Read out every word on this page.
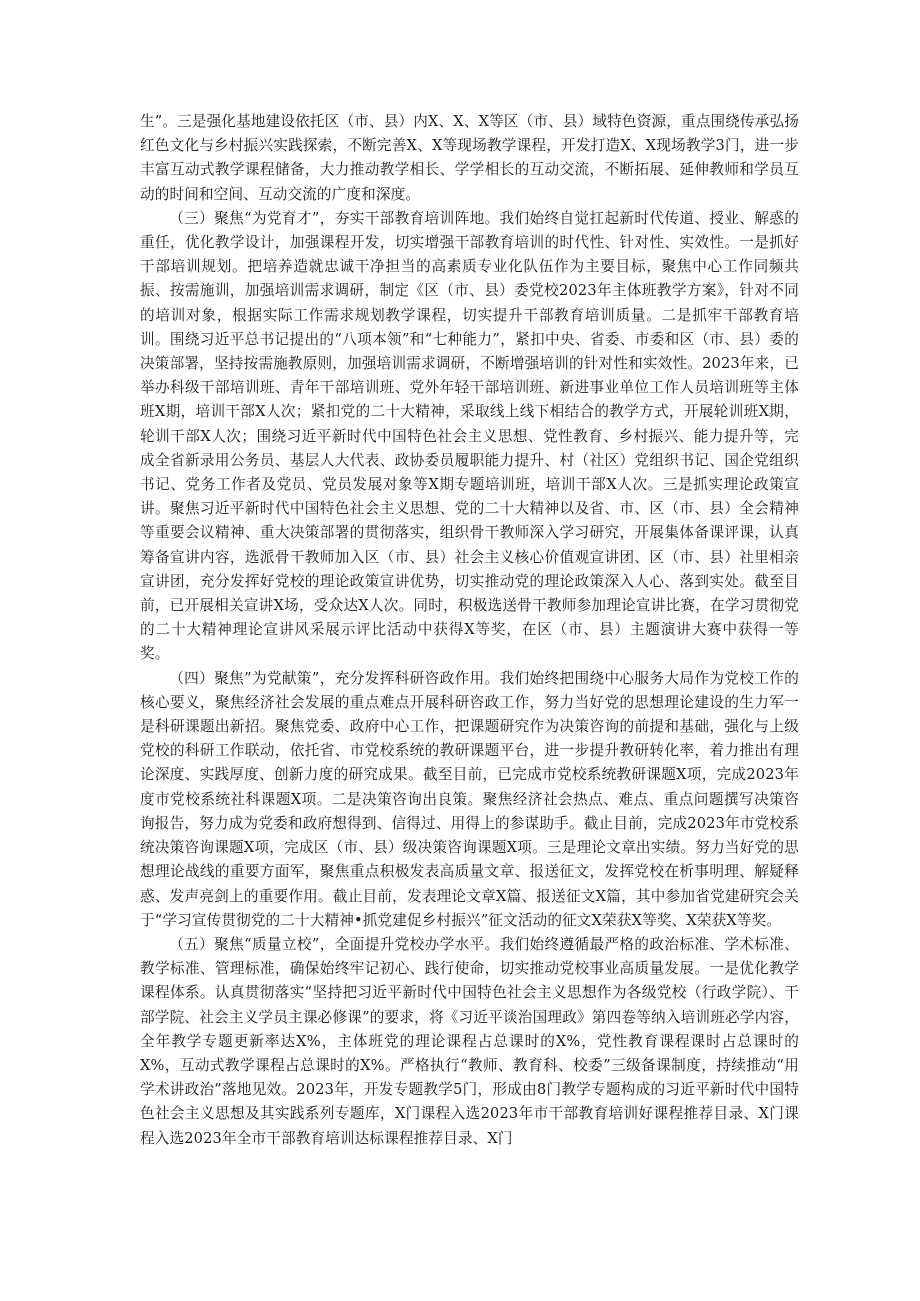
生”。三是强化基地建设依托区（市、县）内X、X、X等区（市、县）域特色资源，重点围绕传承弘扬红色文化与乡村振兴实践探索，不断完善X、X等现场教学课程，开发打造X、X现场教学3门，进一步丰富互动式教学课程储备，大力推动教学相长、学学相长的互动交流，不断拓展、延伸教师和学员互动的时间和空间、互动交流的广度和深度。

（三）聚焦“为党育才”，夯实干部教育培训阵地。我们始终自觉扛起新时代传道、授业、解惑的重任，优化教学设计，加强课程开发，切实增强干部教育培训的时代性、针对性、实效性。一是抓好干部培训规划。把培养造就忠诚干净担当的高素质专业化队伍作为主要目标，聚焦中心工作同频共振、按需施训，加强培训需求调研，制定《区（市、县）委党校2023年主体班教学方案》，针对不同的培训对象，根据实际工作需求规划教学课程，切实提升干部教育培训质量。二是抓牢干部教育培训。围绕习近平总书记提出的“八项本领”和“七种能力”，紧扣中央、省委、市委和区（市、县）委的决策部署，坚持按需施教原则，加强培训需求调研，不断增强培训的针对性和实效性。2023年来，已举办科级干部培训班、青年干部培训班、党外年轻干部培训班、新进事业单位工作人员培训班等主体班X期，培训干部X人次；紧扣党的二十大精神，采取线上线下相结合的教学方式，开展轮训班X期，轮训干部X人次；围绕习近平新时代中国特色社会主义思想、党性教育、乡村振兴、能力提升等，完成全省新录用公务员、基层人大代表、政协委员履职能力提升、村（社区）党组织书记、国企党组织书记、党务工作者及党员、党员发展对象等X期专题培训班，培训干部X人次。三是抓实理论政策宣讲。聚焦习近平新时代中国特色社会主义思想、党的二十大精神以及省、市、区（市、县）全会精神等重要会议精神、重大决策部署的贯彻落实，组织骨干教师深入学习研究，开展集体备课评课，认真筹备宣讲内容，选派骨干教师加入区（市、县）社会主义核心价值观宣讲团、区（市、县）社里相亲宣讲团，充分发挥好党校的理论政策宣讲优势，切实推动党的理论政策深入人心、落到实处。截至目前，已开展相关宣讲X场，受众达X人次。同时，积极选送骨干教师参加理论宣讲比赛，在学习贯彻党的二十大精神理论宣讲风采展示评比活动中获得X等奖，在区（市、县）主题演讲大赛中获得一等奖。

（四）聚焦”为党献策”，充分发挥科研咨政作用。我们始终把围绕中心服务大局作为党校工作的核心要义，聚焦经济社会发展的重点难点开展科研咨政工作，努力当好党的思想理论建设的生力军一是科研课题出新招。聚焦党委、政府中心工作，把课题研究作为决策咨询的前提和基础，强化与上级党校的科研工作联动，依托省、市党校系统的教研课题平台，进一步提升教研转化率，着力推出有理论深度、实践厚度、创新力度的研究成果。截至目前，已完成市党校系统教研课题X项，完成2023年度市党校系统社科课题X项。二是决策咨询出良策。聚焦经济社会热点、难点、重点问题撰写决策咨询报告，努力成为党委和政府想得到、信得过、用得上的参谋助手。截止目前，完成2023年市党校系统决策咨询课题X项，完成区（市、县）级决策咨询课题X项。三是理论文章出实绩。努力当好党的思想理论战线的重要方面军，聚焦重点积极发表高质量文章、报送征文，发挥党校在析事明理、解疑释惑、发声亮剑上的重要作用。截止目前，发表理论文章X篇、报送征文X篇，其中参加省党建研究会关于“学习宣传贯彻党的二十大精神•抓党建促乡村振兴”征文活动的征文X荣获X等奖、X荣获X等奖。

（五）聚焦“质量立校”，全面提升党校办学水平。我们始终遵循最严格的政治标准、学术标准、教学标准、管理标准，确保始终牢记初心、践行使命，切实推动党校事业高质量发展。一是优化教学课程体系。认真贯彻落实“坚持把习近平新时代中国特色社会主义思想作为各级党校（行政学院）、干部学院、社会主义学员主课必修课”的要求，将《习近平谈治国理政》第四卷等纳入培训班必学内容，全年教学专题更新率达X%，主体班党的理论课程占总课时的X%，党性教育课程课时占总课时的X%，互动式教学课程占总课时的X%。严格执行“教师、教育科、校委”三级备课制度，持续推动“用学术讲政治”落地见效。2023年，开发专题教学5门，形成由8门教学专题构成的习近平新时代中国特色社会主义思想及其实践系列专题库，X门课程入选2023年市干部教育培训好课程推荐目录、X门课程入选2023年全市干部教育培训达标课程推荐目录、X门
